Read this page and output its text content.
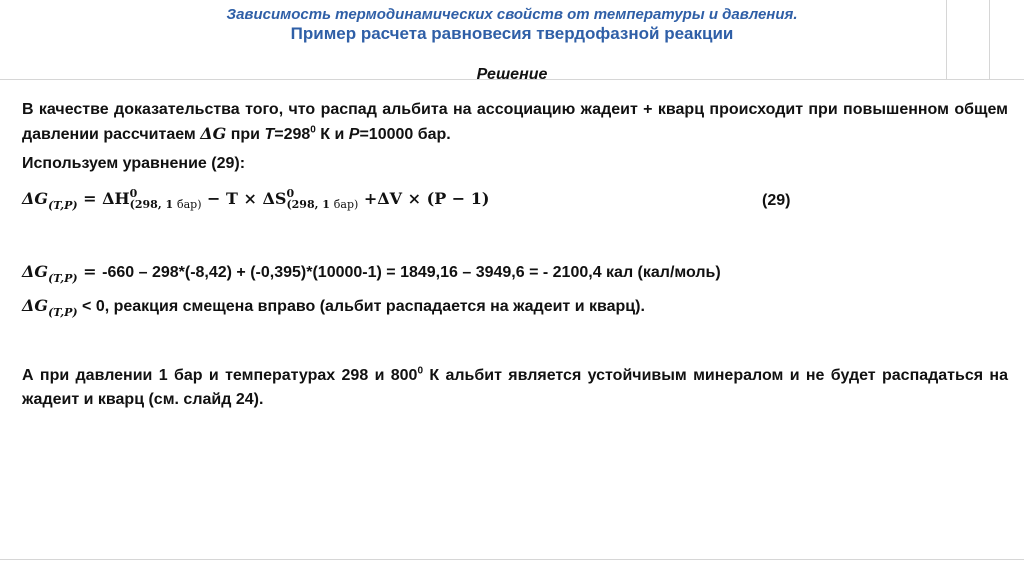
Зависимость термодинамических свойств от температуры и давления.
Пример расчета равновесия твердофазной реакции
Решение
В качестве доказательства того, что распад альбита на ассоциацию жадеит + кварц происходит при повышенном общем давлении рассчитаем ΔG при $T=298^0$ К и P=10000 бар.
Используем уравнение (29):
$\Delta G_{(T,P)} = \Delta H$ 0
(298, 1 бар) − T × ΔS 0
(298, 1 бар) +ΔV × (P − 1)	(29)
$\Delta G_{(T,P)} = -660 - 298*(-8,42) + (-0,395)*(10000-1) = 1849,16 - 3949,6$ = - 2100,4 кал (кал/моль)
$\Delta G_{(T,P)} < 0$, реакция смещена вправо (альбит распадается на жадеит и кварц).
А при давлении 1 бар и температурах 298 и $800^0$ К альбит является устойчивым минералом и не будет распадаться на жадеит и кварц (см. слайд 24).
